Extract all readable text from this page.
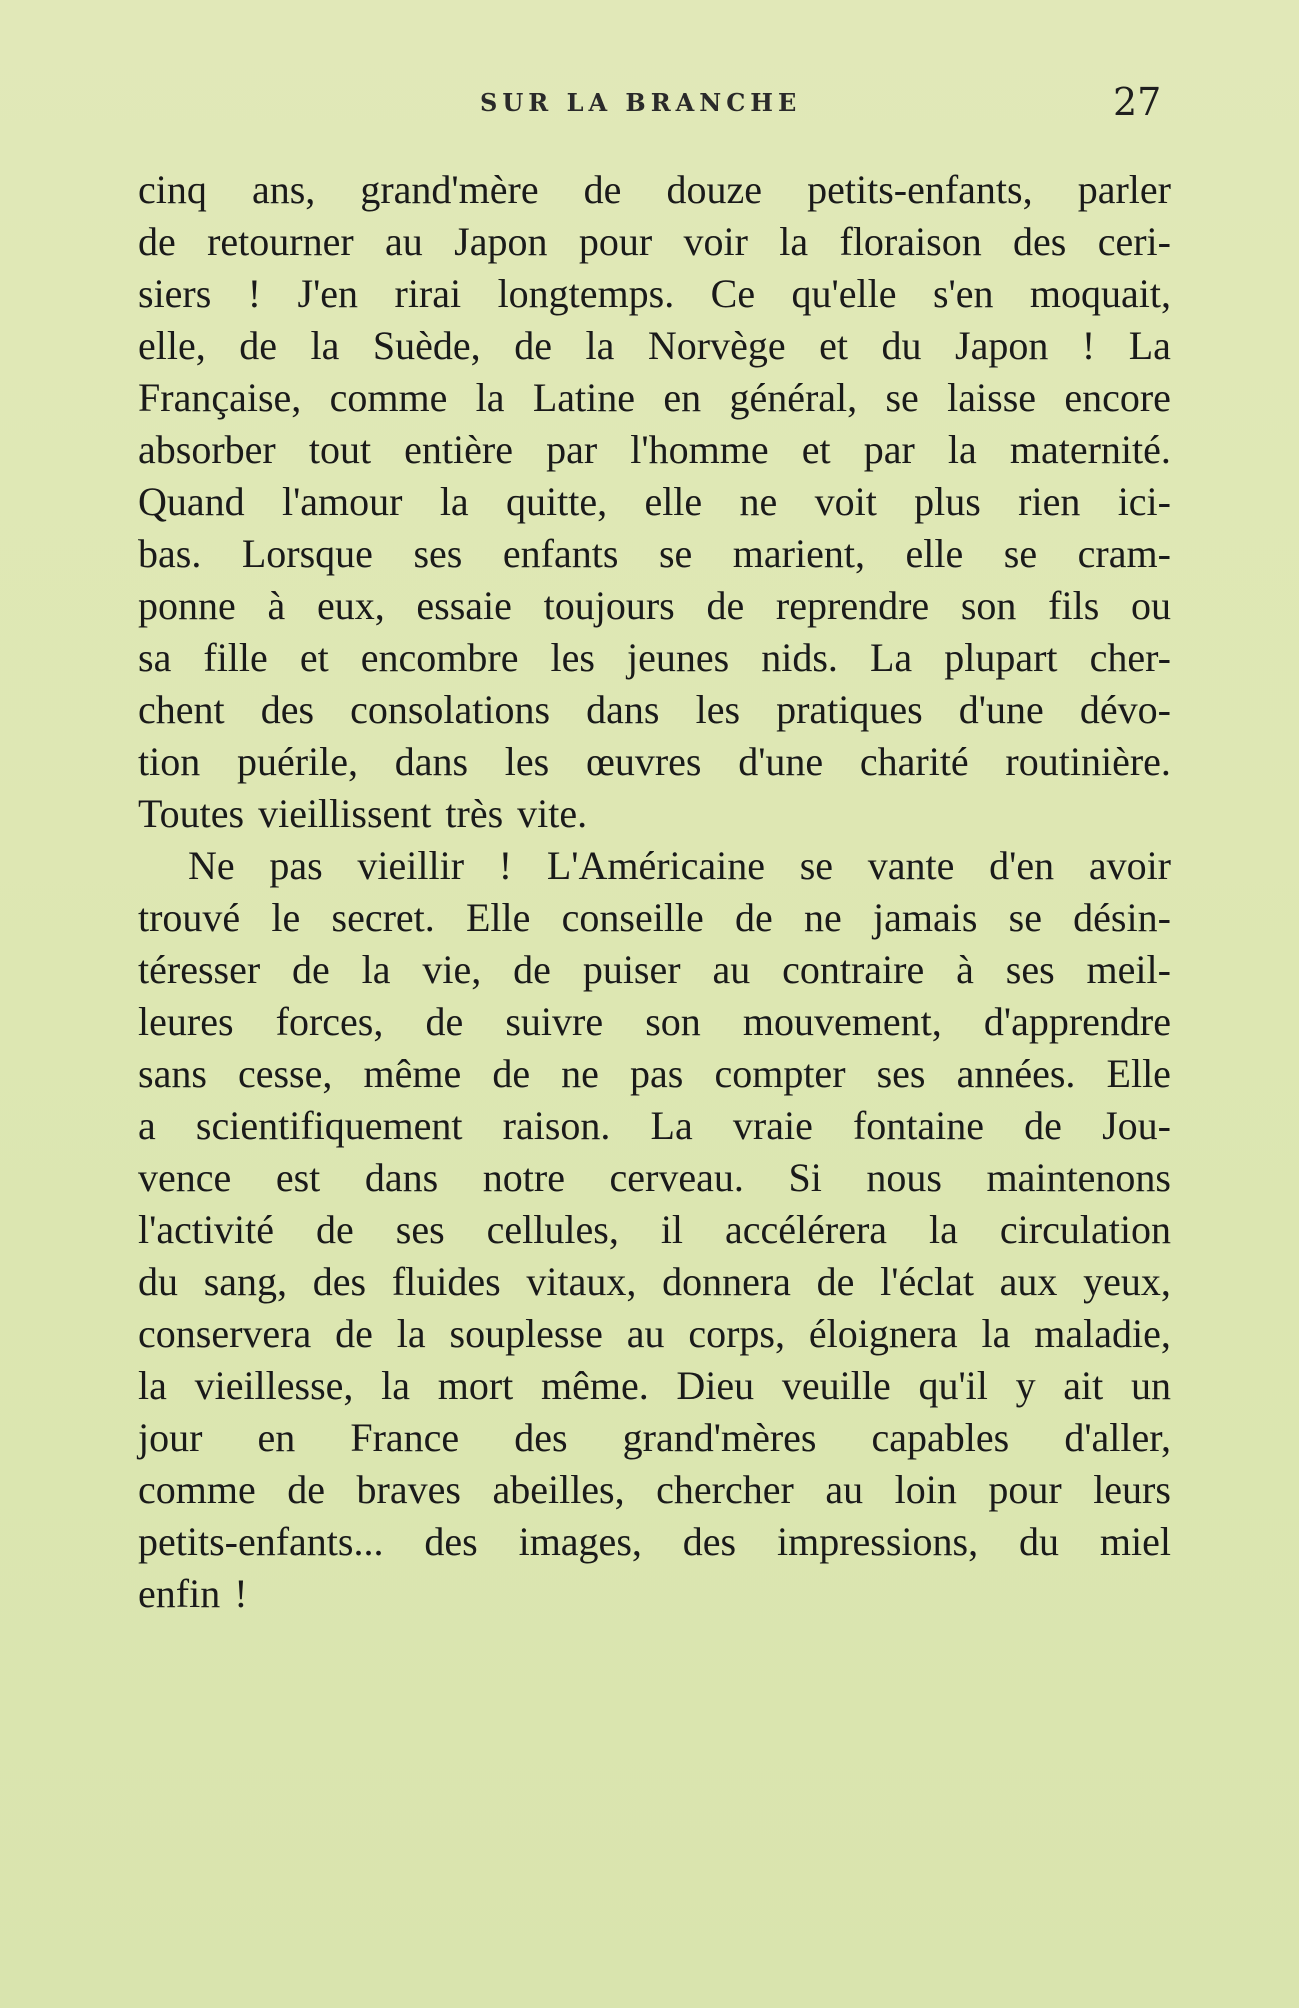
SUR LA BRANCHE	27
cinq ans, grand'mère de douze petits-enfants, parler
de retourner au Japon pour voir la floraison des ceri-
siers ! J'en rirai longtemps. Ce qu'elle s'en moquait,
elle, de la Suède, de la Norvège et du Japon ! La
Française, comme la Latine en général, se laisse encore
absorber tout entière par l'homme et par la maternité.
Quand l'amour la quitte, elle ne voit plus rien ici-
bas. Lorsque ses enfants se marient, elle se cram-
ponne à eux, essaie toujours de reprendre son fils ou
sa fille et encombre les jeunes nids. La plupart cher-
chent des consolations dans les pratiques d'une dévo-
tion puérile, dans les œuvres d'une charité routinière.
Toutes vieillissent très vite.
Ne pas vieillir ! L'Américaine se vante d'en avoir
trouvé le secret. Elle conseille de ne jamais se désin-
téresser de la vie, de puiser au contraire à ses meil-
leures forces, de suivre son mouvement, d'apprendre
sans cesse, même de ne pas compter ses années. Elle
a scientifiquement raison. La vraie fontaine de Jou-
vence est dans notre cerveau. Si nous maintenons
l'activité de ses cellules, il accélérera la circulation
du sang, des fluides vitaux, donnera de l'éclat aux yeux,
conservera de la souplesse au corps, éloignera la maladie,
la vieillesse, la mort même. Dieu veuille qu'il y ait un
jour en France des grand'mères capables d'aller,
comme de braves abeilles, chercher au loin pour leurs
petits-enfants... des images, des impressions, du miel
enfin !
